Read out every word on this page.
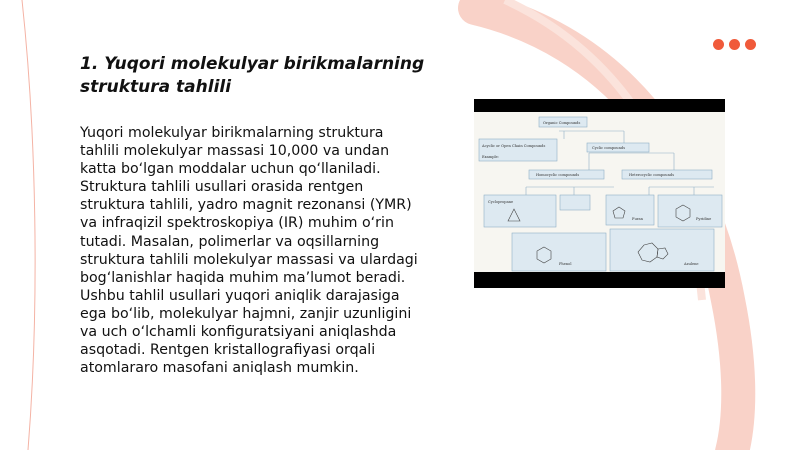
1. Yuqori molekulyar birikmalarning struktura tahlili

Yuqori molekulyar birikmalarning struktura tahlili molekulyar massasi 10,000 va undan katta bo‘lgan moddalar uchun qo‘llaniladi. Struktura tahlili usullari orasida rentgen struktura tahlili, yadro magnit rezonansi (YMR) va infraqizil spektroskopiya (IR) muhim o‘rin tutadi. Masalan, polimerlar va oqsillarning struktura tahlili molekulyar massasi va ulardagi bog‘lanishlar haqida muhim ma’lumot beradi. Ushbu tahlil usullari yuqori aniqlik darajasiga ega bo‘lib, molekulyar hajmni, zanjir uzunligini va uch o‘lchamli konfiguratsiyani aniqlashda asqotadi. Rentgen kristallografiyasi orqali atomlararo masofani aniqlash mumkin.

Organic Compounds
Acyclic or Open Chain Compounds
Example:
Cyclic compounds
Homocyclic compounds	Heterocyclic compounds
Cyclopropane
Furan	Pyridine
Phenol	Azulene
